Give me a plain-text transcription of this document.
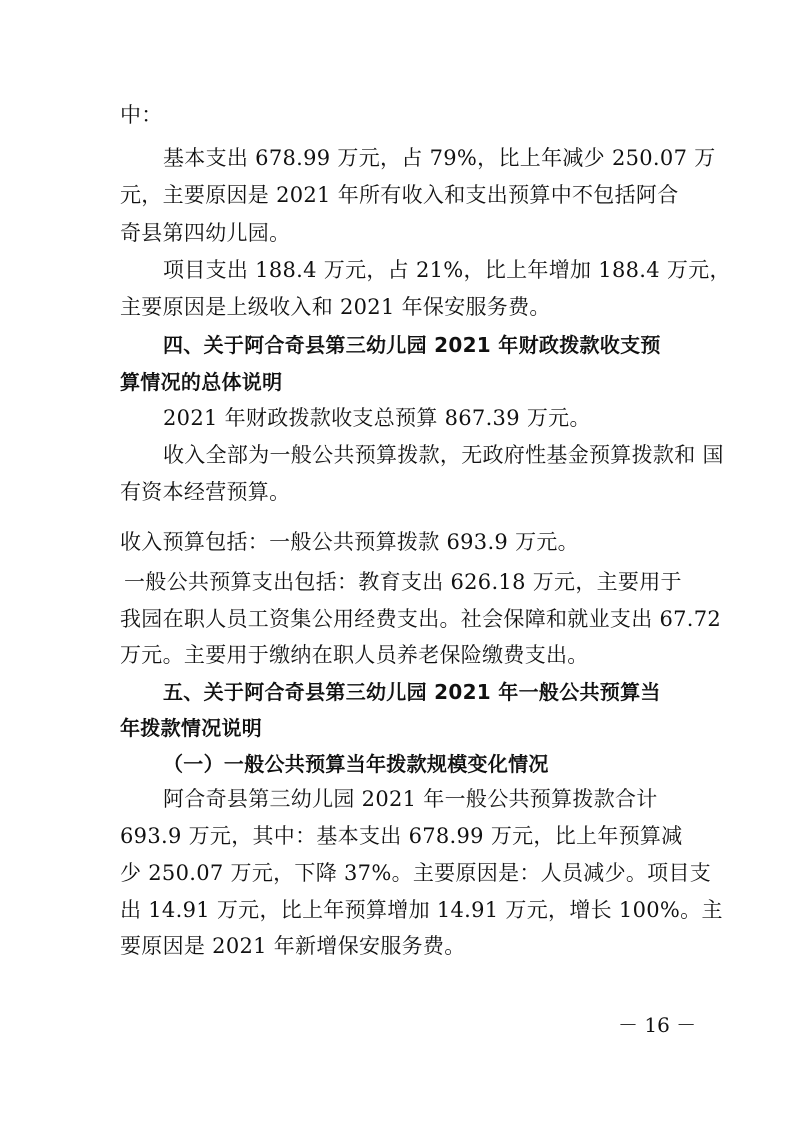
中：
基本支出 678.99 万元，占 79%，比上年减少 250.07 万
元，主要原因是 2021 年所有收入和支出预算中不包括阿合
奇县第四幼儿园。
项目支出 188.4 万元，占 21%，比上年增加 188.4 万元，
主要原因是上级收入和 2021 年保安服务费。
四、关于阿合奇县第三幼儿园 2021 年财政拨款收支预
算情况的总体说明
2021 年财政拨款收支总预算 867.39 万元。
收入全部为一般公共预算拨款，无政府性基金预算拨款和 国
有资本经营预算。
收入预算包括：一般公共预算拨款 693.9 万元。
一般公共预算支出包括：教育支出 626.18 万元，主要用于
我园在职人员工资集公用经费支出。社会保障和就业支出 67.72
万元。主要用于缴纳在职人员养老保险缴费支出。
五、关于阿合奇县第三幼儿园 2021 年一般公共预算当
年拨款情况说明
（一）一般公共预算当年拨款规模变化情况
阿合奇县第三幼儿园 2021 年一般公共预算拨款合计
693.9 万元，其中：基本支出 678.99 万元，比上年预算减
少 250.07 万元，下降 37%。主要原因是：人员减少。项目支
出 14.91 万元，比上年预算增加 14.91 万元，增长 100%。主
要原因是 2021 年新增保安服务费。
－ 16 －
